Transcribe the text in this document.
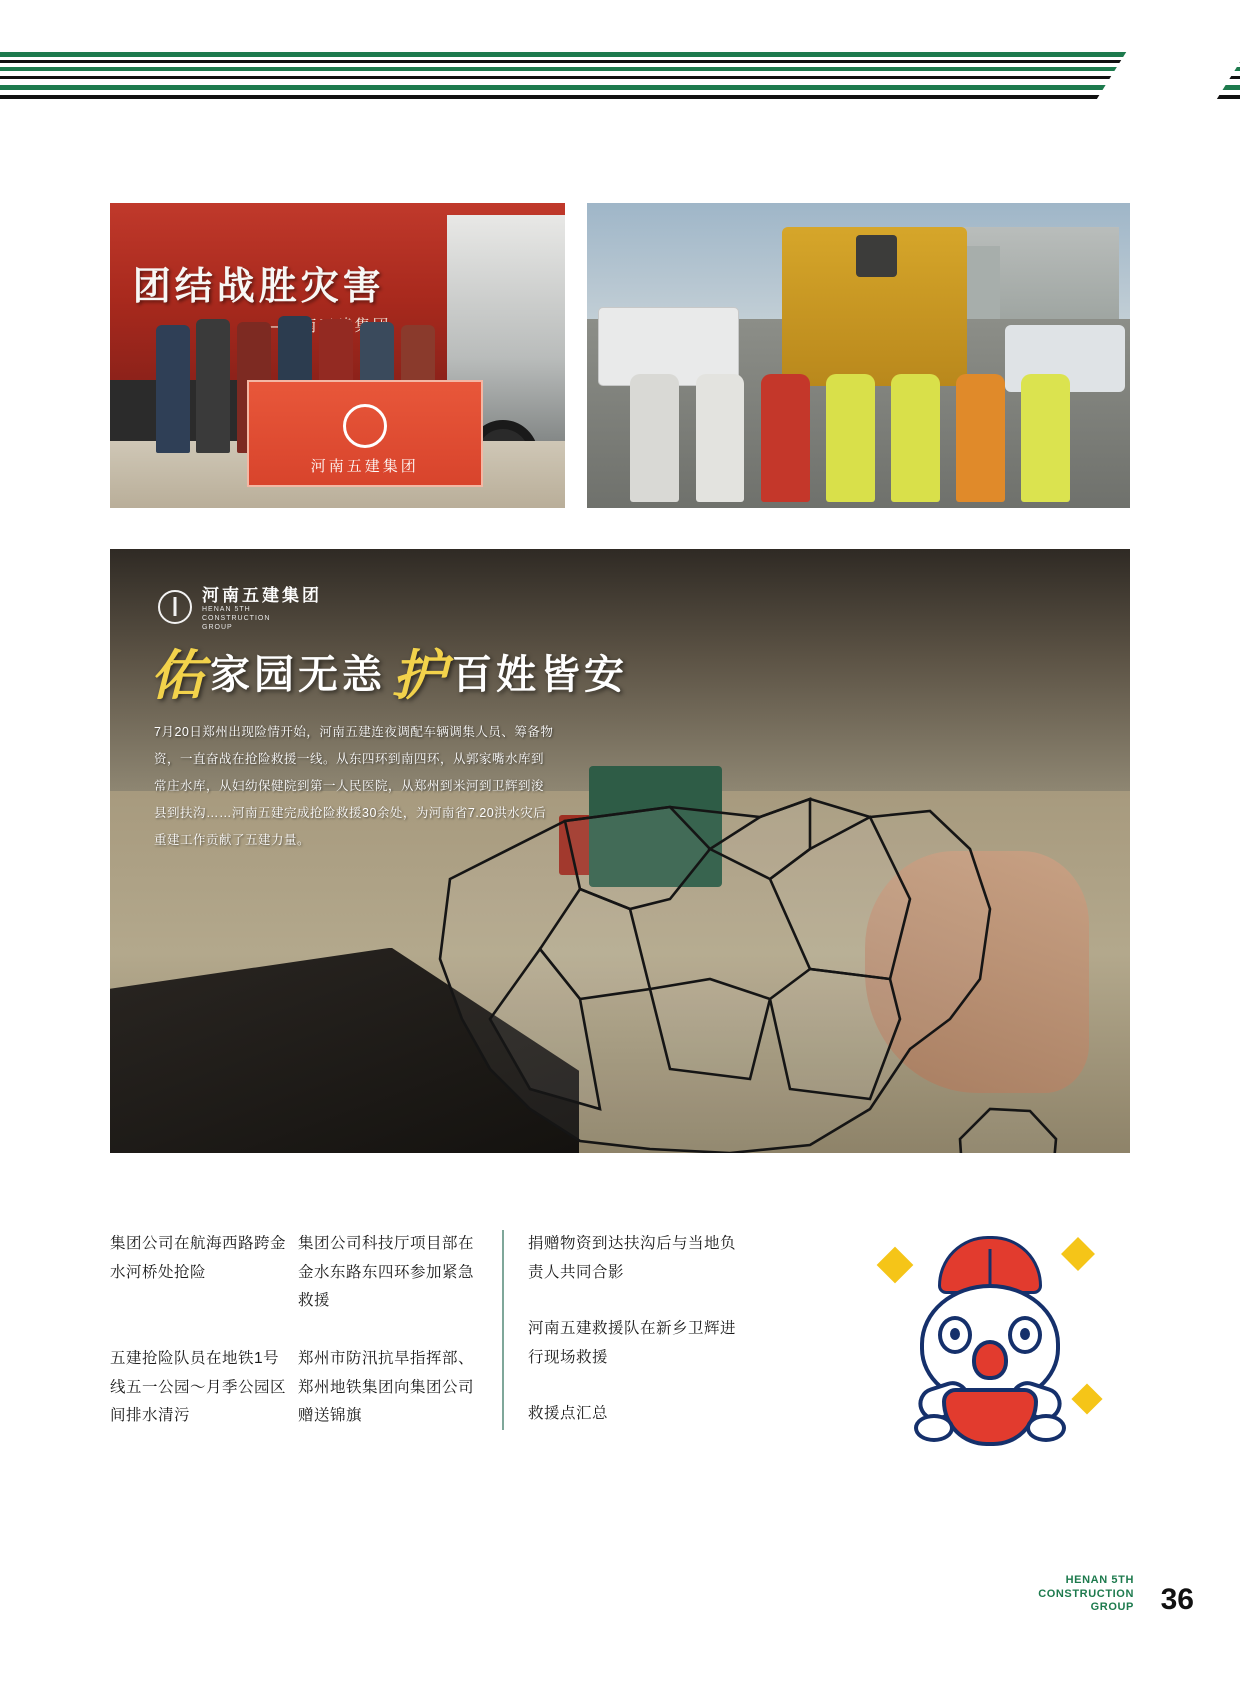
团结战胜灾害
河南五建集团
河南五建集团
HENAN 5TH
CONSTRUCTION
GROUP
佑 家园无恙 护 百姓皆安
7月20日郑州出现险情开始，河南五建连夜调配车辆调集人员、筹备物资，一直奋战在抢险救援一线。从东四环到南四环，从郭家嘴水库到常庄水库，从妇幼保健院到第一人民医院，从郑州到米河到卫辉到浚县到扶沟……河南五建完成抢险救援30余处，为河南省7.20洪水灾后重建工作贡献了五建力量。
集团公司在航海西路跨金水河桥处抢险
集团公司科技厅项目部在金水东路东四环参加紧急救援
五建抢险队员在地铁1号线五一公园～月季公园区间排水清污
郑州市防汛抗旱指挥部、郑州地铁集团向集团公司赠送锦旗
捐赠物资到达扶沟后与当地负责人共同合影
河南五建救援队在新乡卫辉进行现场救援
救援点汇总
HENAN 5TH
CONSTRUCTION
GROUP 36
